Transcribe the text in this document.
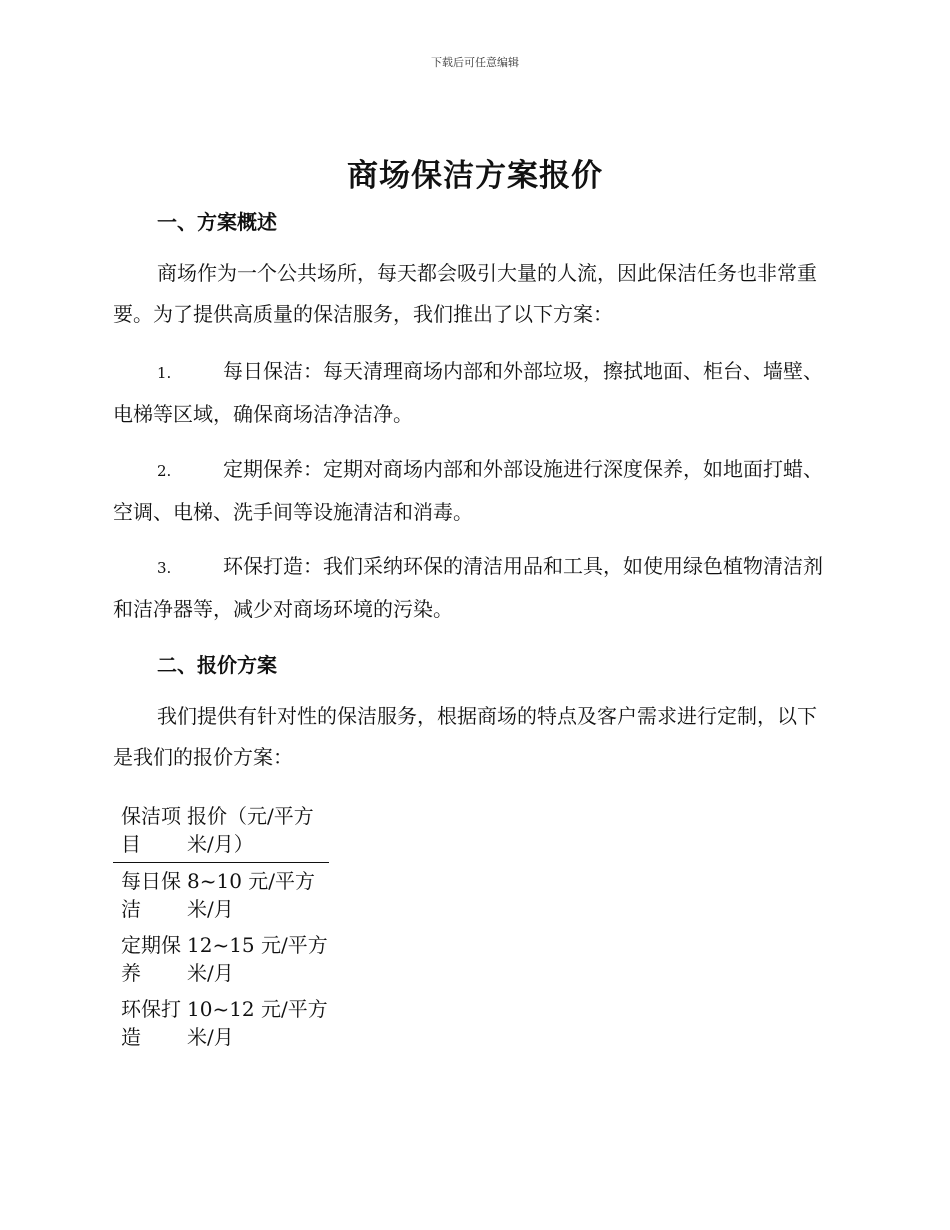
下载后可任意编辑
商场保洁方案报价
一、方案概述
商场作为一个公共场所，每天都会吸引大量的人流，因此保洁任务也非常重要。为了提供高质量的保洁服务，我们推出了以下方案：
1.	每日保洁：每天清理商场内部和外部垃圾，擦拭地面、柜台、墙壁、电梯等区域，确保商场洁净洁净。
2.	定期保养：定期对商场内部和外部设施进行深度保养，如地面打蜡、空调、电梯、洗手间等设施清洁和消毒。
3.	环保打造：我们采纳环保的清洁用品和工具，如使用绿色植物清洁剂和洁净器等，减少对商场环境的污染。
二、报价方案
我们提供有针对性的保洁服务，根据商场的特点及客户需求进行定制，以下是我们的报价方案：
保洁项目	报价（元/平方米/月）
每日保洁	8~10 元/平方米/月
定期保养	12~15 元/平方米/月
环保打造	10~12 元/平方米/月
